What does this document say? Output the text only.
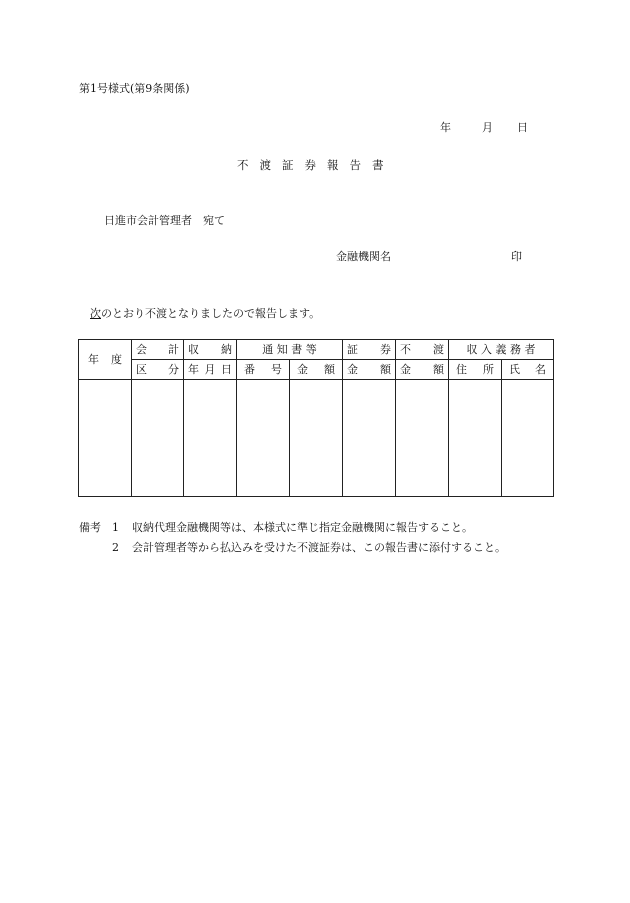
第1号様式(第9条関係)
年	月 日
不渡証券報告書
日進市会計管理者　宛て
金融機関名	印
次のとおり不渡となりましたので報告します。
年 度	会 計	収 納	通 知 書 等		証 券	不 渡	収 入 義 務 者	

	区 分	年 月 日	番 号	金 額	金 額	金 額	住 所	氏 名

備考	1	収納代理金融機関等は、本様式に準じ指定金融機関に報告すること。
2	会計管理者等から払込みを受けた不渡証券は、この報告書に添付すること。
